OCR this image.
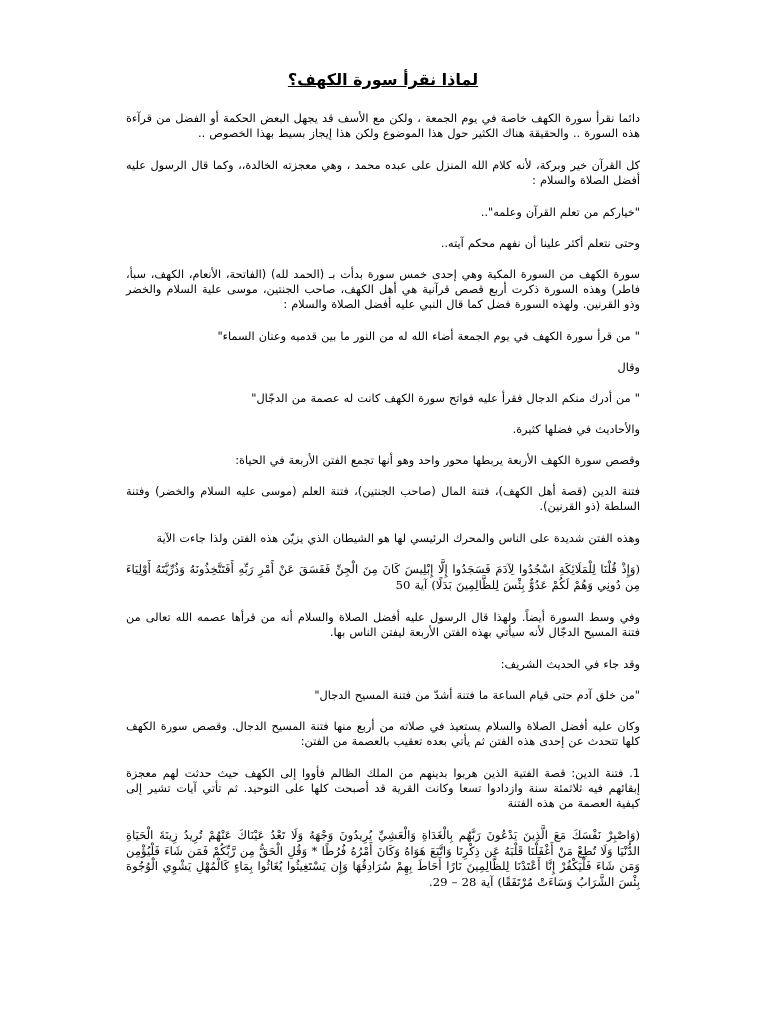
لماذا نقرأ سورة الكهف؟

دائما نقرأ سورة الكهف خاصة في يوم الجمعة ، ولكن مع الأسف قد يجهل البعض الحكمة أو الفضل من قرآءة هذه السورة .. والحقيقة هناك الكثير حول هذا الموضوع ولكن هذا إيجاز بسيط بهذا الخصوص ..

كل القرآن خير وبركة، لأنه كلام الله المنزل على عبده محمد ، وهي معجزته الخالدة،، وكما قال الرسول عليه أفضل الصلاة والسلام :

"خياركم من تعلم القرآن وعلمه"..

وحتى نتعلم أكثر علينا أن نفهم محكم آيته..

سورة الكهف من السورة المكية وهي إحدى خمس سورة بدأت بـ (الحمد لله) (الفاتحة، الأنعام، الكهف، سبأ، فاطر) وهذه السورة ذكرت أربع قصص قرآنية هي أهل الكهف، صاحب الجنتين، موسى علية السلام والخضر وذو القرنين. ولهذه السورة فضل كما قال النبي عليه أفضل الصلاة والسلام :

" من قرأ سورة الكهف في يوم الجمعة أضاء الله له من النور ما بين قدميه وعنان السماء"

وقال

" من أدرك منكم الدجال فقرأ عليه فواتح سورة الكهف كانت له عصمة من الدجّال"

والأحاديث في فضلها كثيرة.

وقصص سورة الكهف الأربعة يربطها محور واحد وهو أنها تجمع الفتن الأربعة في الحياة:

فتنة الدين (قصة أهل الكهف)، فتنة المال (صاحب الجنتين)، فتنة العلم (موسى عليه السلام والخضر) وفتنة السلطة (ذو القرنين).

وهذه الفتن شديدة على الناس والمحرك الرئيسي لها هو الشيطان الذي يزيّن هذه الفتن ولذا جاءت الآية

(وَإِذْ قُلْنَا لِلْمَلَائِكَةِ اسْجُدُوا لِآدَمَ فَسَجَدُوا إِلَّا إِبْلِيسَ كَانَ مِنَ الْجِنِّ فَفَسَقَ عَنْ أَمْرِ رَبِّهِ أَفَتَتَّخِذُونَهُ وَذُرِّيَّتَهُ أَوْلِيَاءَ مِن دُونِي وَهُمْ لَكُمْ عَدُوٌّ بِئْسَ لِلظَّالِمِينَ بَدَلًا) آية 50

وفي وسط السورة أيضاً. ولهذا قال الرسول عليه أفضل الصلاة والسلام أنه من قرأها عصمه الله تعالى من فتنة المسيح الدجّال لأنه سيأتي بهذه الفتن الأربعة ليفتن الناس بها.

وقد جاء في الحديث الشريف:

"من خلق آدم حتى قيام الساعة ما فتنة أشدّ من فتنة المسيح الدجال"

وكان عليه أفضل الصلاة والسلام يستعيذ في صلاته من أربع منها فتنة المسيح الدجال. وقصص سورة الكهف كلها تتحدث عن إحدى هذه الفتن ثم يأتي بعده تعقيب بالعصمة من الفتن:

1. فتنة الدين: قصة الفتية الذين هربوا بدينهم من الملك الظالم فأووا إلى الكهف حيث حدثت لهم معجزة إبقائهم فيه ثلاثمئة سنة وازدادوا تسعا وكانت القرية قد أصبحت كلها على التوحيد. ثم تأتي آيات تشير إلى كيفية العصمة من هذه الفتنة

(وَاصْبِرْ نَفْسَكَ مَعَ الَّذِينَ يَدْعُونَ رَبَّهُم بِالْغَدَاةِ وَالْعَشِيِّ يُرِيدُونَ وَجْهَهُ وَلَا تَعْدُ عَيْنَاكَ عَنْهُمْ تُرِيدُ زِينَةَ الْحَيَاةِ الدُّنْيَا وَلَا تُطِعْ مَنْ أَغْفَلْنَا قَلْبَهُ عَن ذِكْرِنَا وَاتَّبَعَ هَوَاهُ وَكَانَ أَمْرُهُ فُرُطًا * وَقُلِ الْحَقُّ مِن رَّبِّكُمْ فَمَن شَاءَ فَلْيُؤْمِن وَمَن شَاءَ فَلْيَكْفُرْ إِنَّا أَعْتَدْنَا لِلظَّالِمِينَ نَارًا أَحَاطَ بِهِمْ سُرَادِقُهَا وَإِن يَسْتَغِيثُوا يُغَاثُوا بِمَاءٍ كَالْمُهْلِ يَشْوِي الْوُجُوهَ بِئْسَ الشَّرَابُ وَسَاءَتْ مُرْتَفَقًا) آية 28 – 29.
